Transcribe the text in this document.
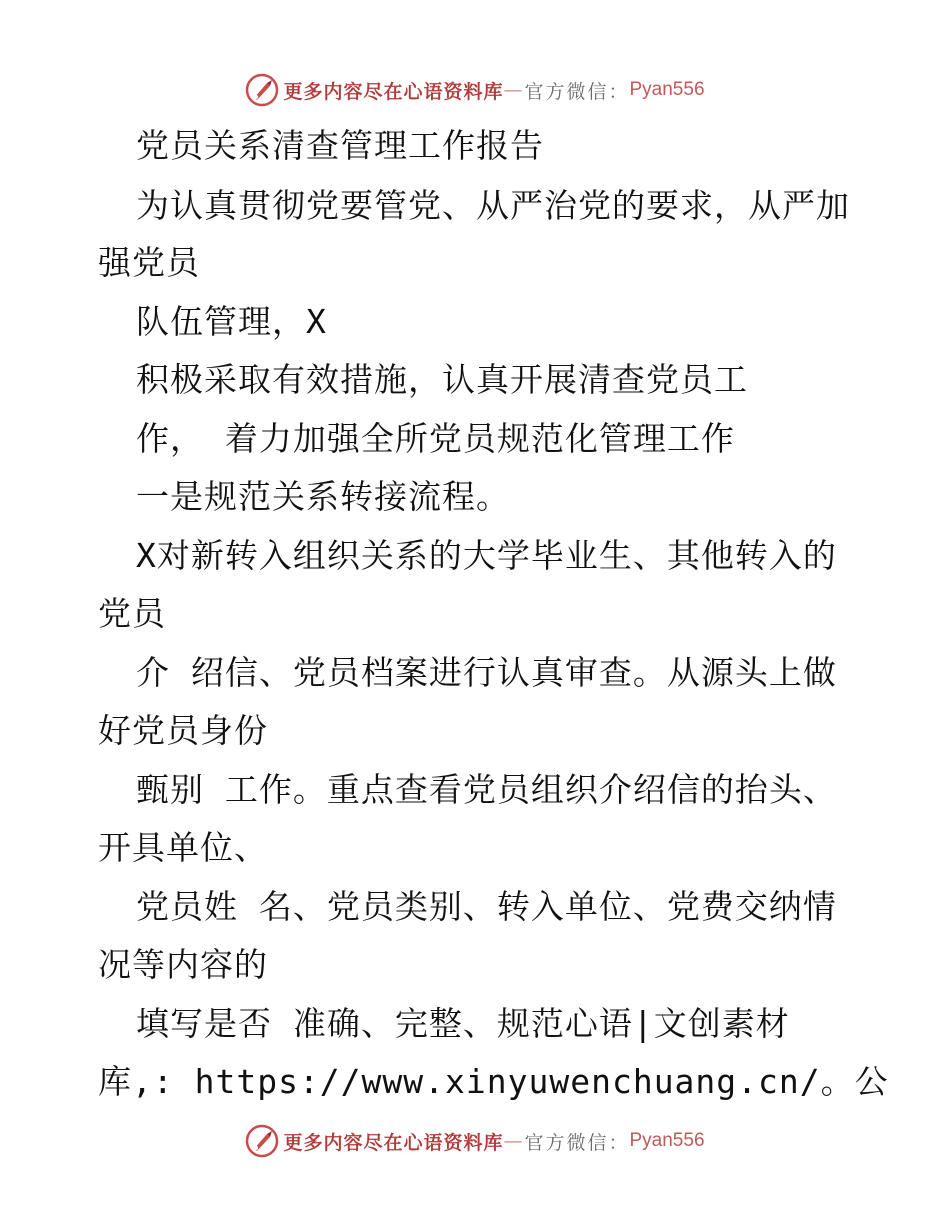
更多内容尽在心语资料库 — 官方微信： Pyan556
党员关系清查管理工作报告
为认真贯彻党要管党、从严治党的要求，从严加
强党员
队伍管理，X
积极采取有效措施，认真开展清查党员工
作， 着力加强全所党员规范化管理工作
一是规范关系转接流程。
X对新转入组织关系的大学毕业生、其他转入的
党员
介 绍信、党员档案进行认真审查。从源头上做
好党员身份
甄别 工作。重点查看党员组织介绍信的抬头、
开具单位、
党员姓 名、党员类别、转入单位、党费交纳情
况等内容的
填写是否 准确、完整、规范心语|文创素材
库,: https://www.xinyuwenchuang.cn/。公
更多内容尽在心语资料库 — 官方微信： Pyan556
